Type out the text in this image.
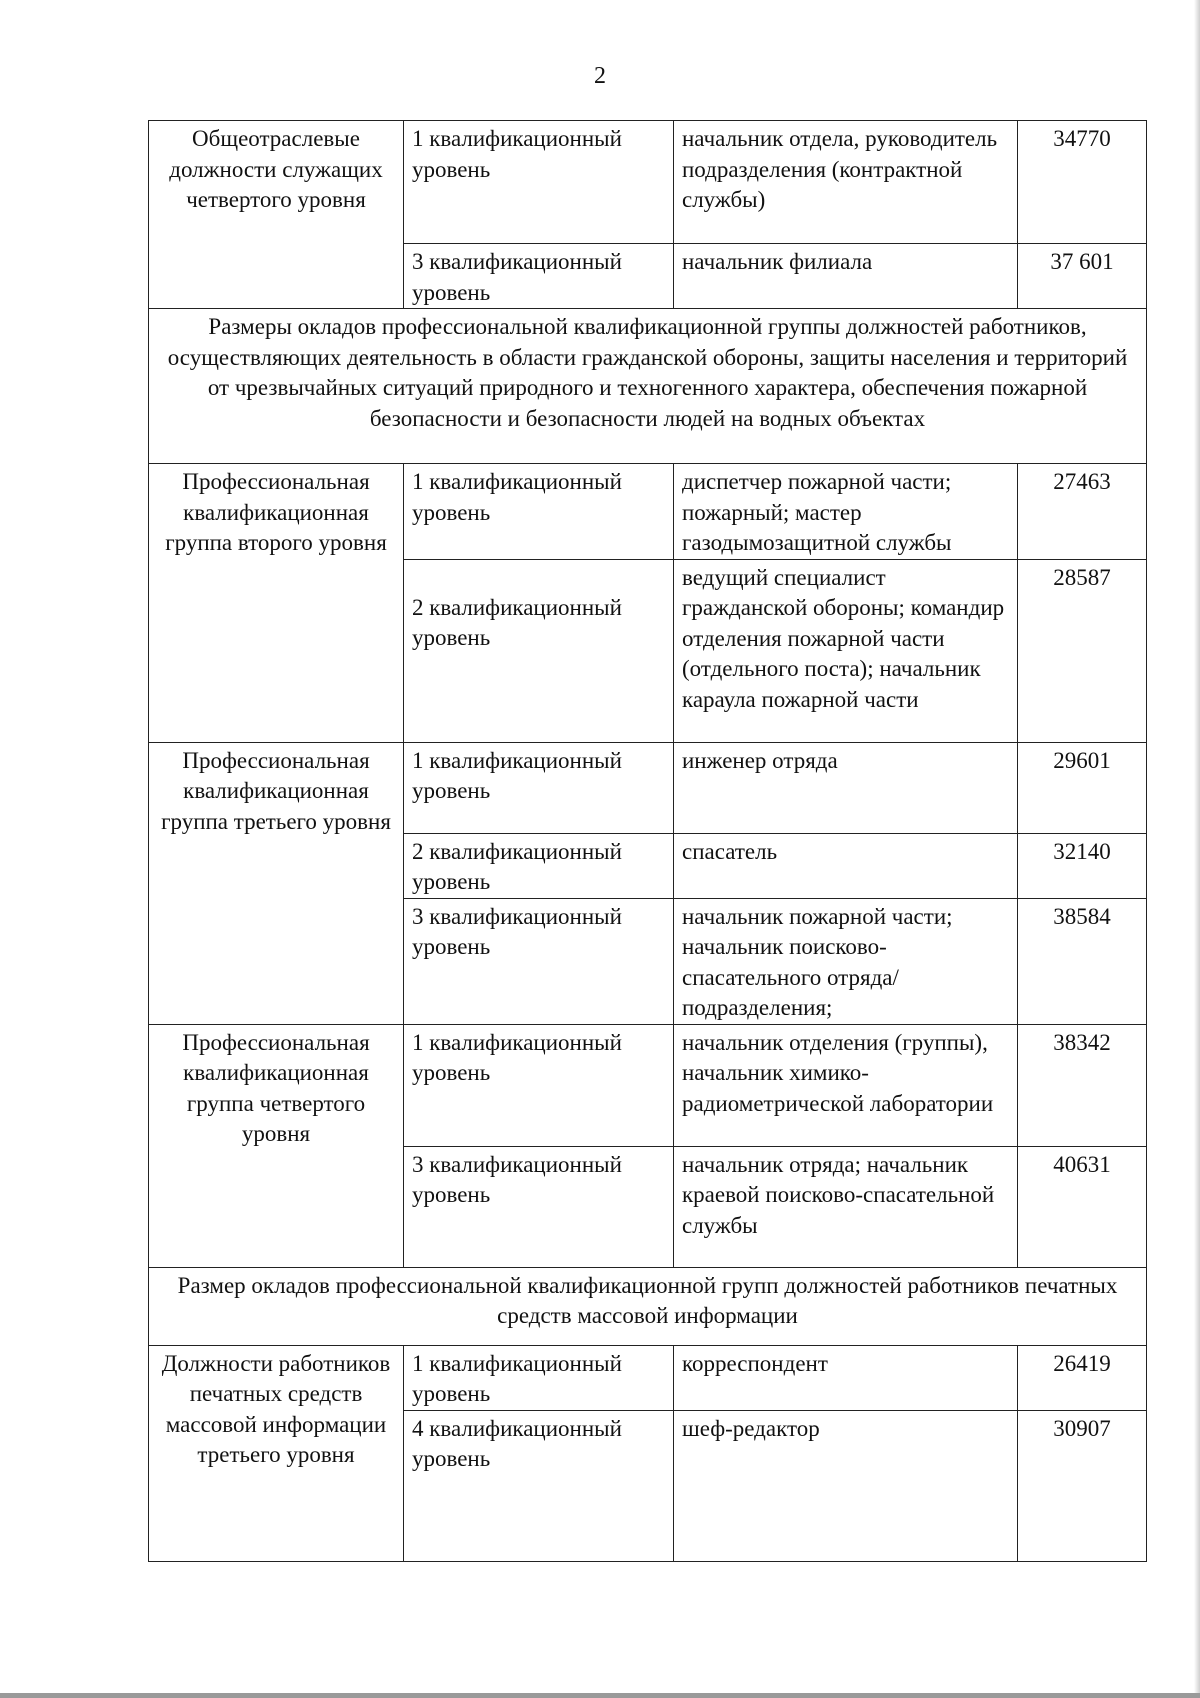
2
Общеотраслевые должности служащих четвертого уровня	1 квалификационный уровень	начальник отдела, руководитель подразделения (контрактной службы)	34770
	3 квалификационный уровень	начальник филиала	37 601
Размеры окладов профессиональной квалификационной группы должностей работников, осуществляющих деятельность в области гражданской обороны, защиты населения и территорий от чрезвычайных ситуаций природного и техногенного характера, обеспечения пожарной безопасности и безопасности людей на водных объектах			
Профессиональная квалификационная группа второго уровня	1 квалификационный уровень	диспетчер пожарной части; пожарный; мастер газодымозащитной службы	27463
	2 квалификационный уровень	ведущий специалист гражданской обороны; командир отделения пожарной части (отдельного поста); начальник караула пожарной части	28587
Профессиональная квалификационная группа третьего уровня	1 квалификационный уровень	инженер отряда	29601
	2 квалификационный уровень	спасатель	32140
	3 квалификационный уровень	начальник пожарной части; начальник поисково-спасательного отряда/подразделения;	38584
Профессиональная квалификационная группа четвертого уровня	1 квалификационный уровень	начальник отделения (группы), начальник химико-радиометрической лаборатории	38342
	3 квалификационный уровень	начальник отряда; начальник краевой поисково-спасательной службы	40631
Размер окладов профессиональной квалификационной групп должностей работников печатных средств массовой информации			
Должности работников печатных средств массовой информации третьего уровня	1 квалификационный уровень	корреспондент	26419
	4 квалификационный уровень	шеф-редактор	30907
